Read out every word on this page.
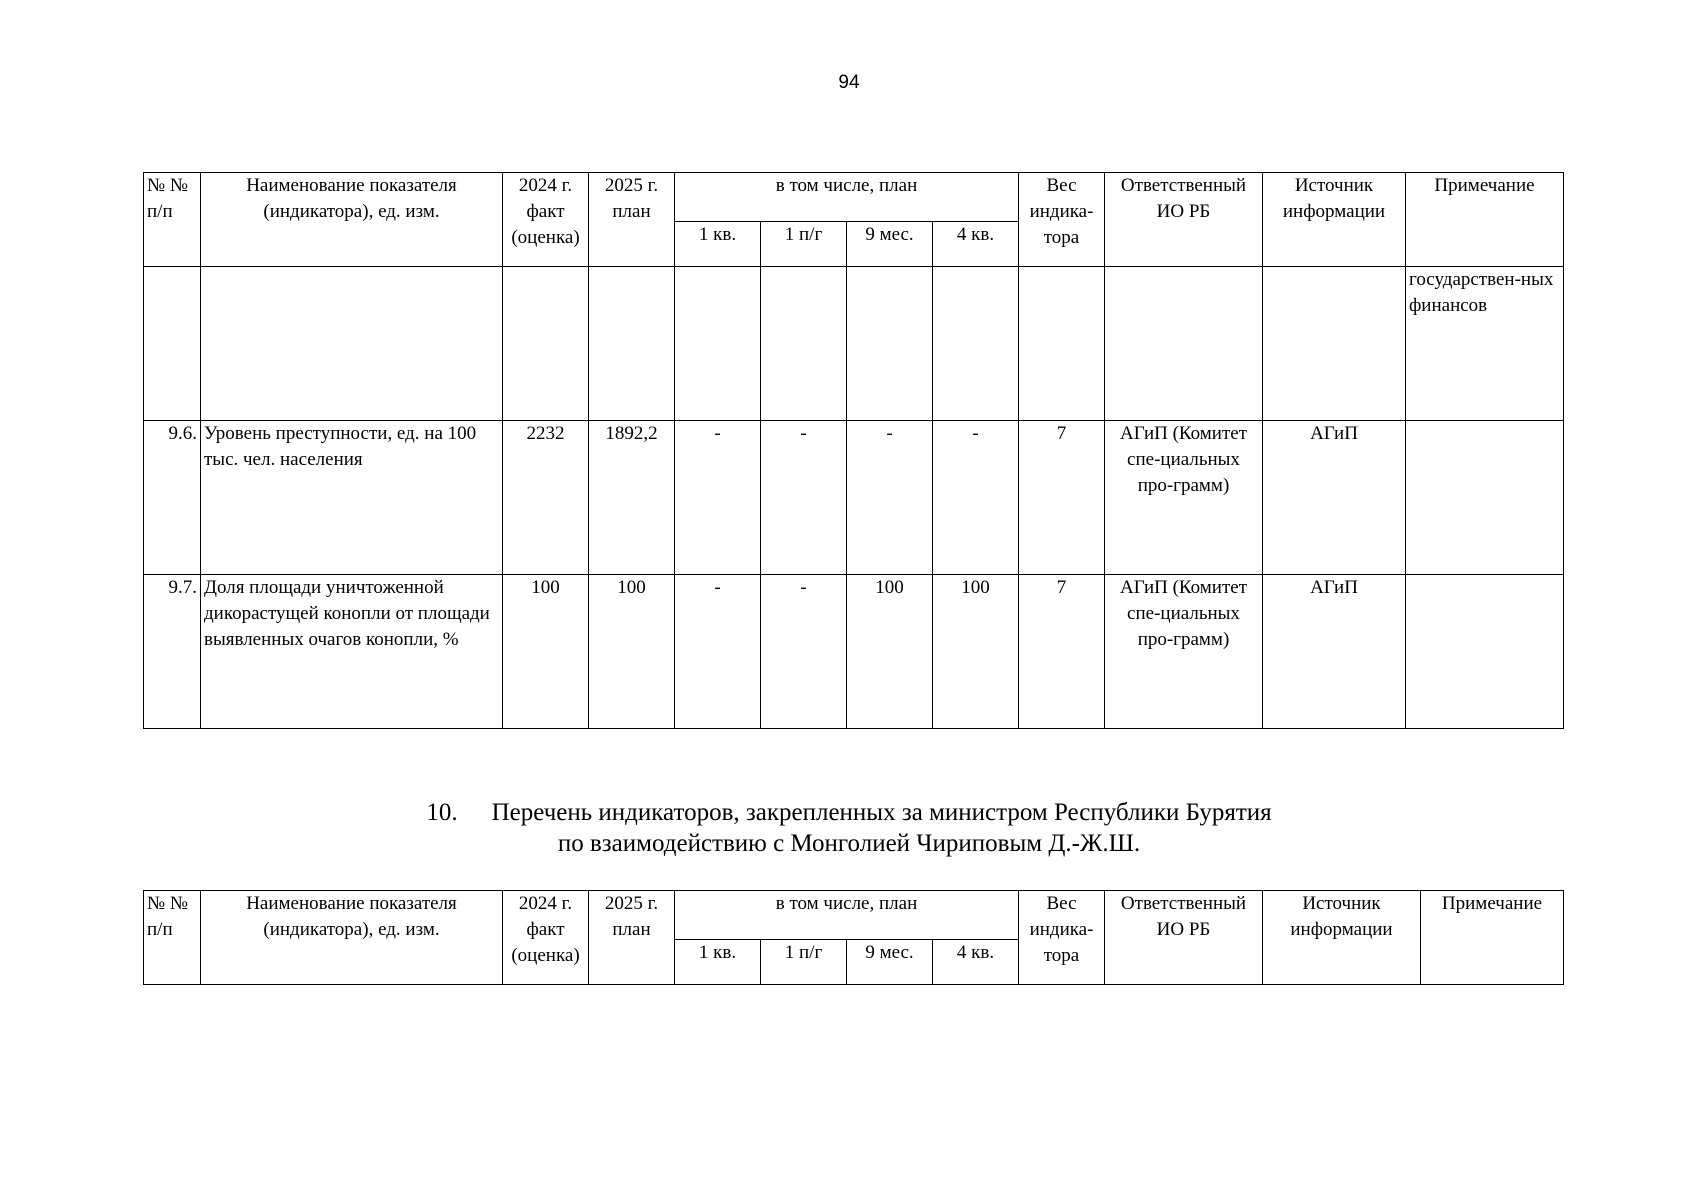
94
№ № п/п	Наименование показателя (индикатора), ед. изм.	2024 г. факт (оценка)	2025 г. план	в том числе, план				Вес индика-тора	Ответственный ИО РБ	Источник информации	Примечание
				1 кв.	1 п/г	9 мес.	4 кв.				
											государствен-ных финансов
9.6.	Уровень преступности, ед. на 100 тыс. чел. населения	2232	1892,2	-	-	-	-	7	АГиП (Комитет спе-циальных про-грамм)	АГиП	
9.7.	Доля площади уничтоженной дикорастущей конопли от площади выявленных очагов конопли, %	100	100	-	-	100	100	7	АГиП (Комитет спе-циальных про-грамм)	АГиП	
10. Перечень индикаторов, закрепленных за министром Республики Бурятия
по взаимодействию с Монголией Чириповым Д.-Ж.Ш.
№ № п/п	Наименование показателя (индикатора), ед. изм.	2024 г. факт (оценка)	2025 г. план	в том числе, план				Вес индика-тора	Ответственный ИО РБ	Источник информации	Примечание
				1 кв.	1 п/г	9 мес.	4 кв.				
